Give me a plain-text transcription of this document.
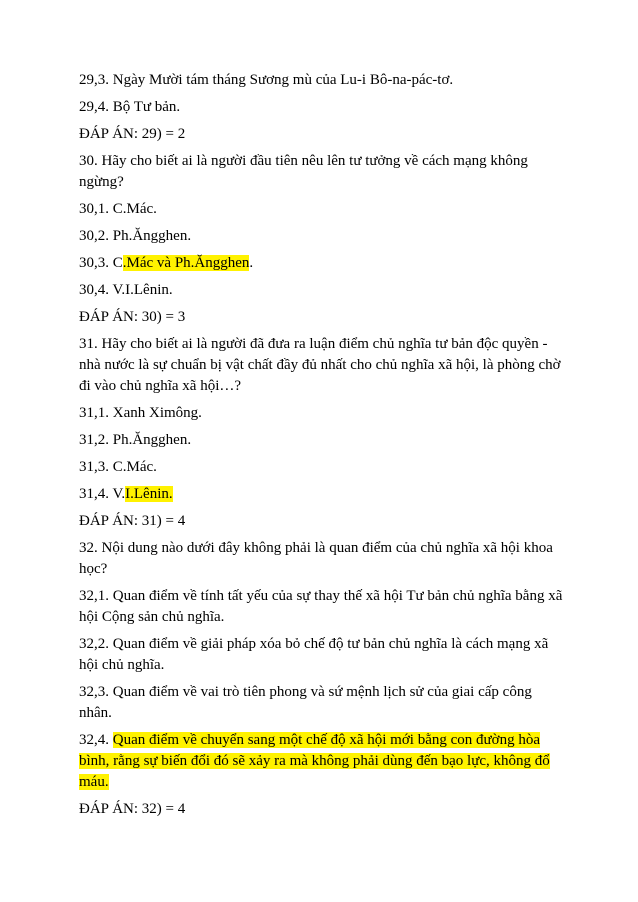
29,3. Ngày Mười tám tháng Sương mù của Lu-i Bô-na-pác-tơ.

29,4. Bộ Tư bản.

ĐÁP ÁN: 29) = 2

30. Hãy cho biết ai là người đầu tiên nêu lên tư tưởng về cách mạng không ngừng?

30,1. C.Mác.

30,2. Ph.Ăngghen.

30,3. C.Mác và Ph.Ăngghen.

30,4. V.I.Lênin.

ĐÁP ÁN: 30) = 3

31. Hãy cho biết ai là người đã đưa ra luận điểm chủ nghĩa tư bản độc quyền - nhà nước là sự chuẩn bị vật chất đầy đủ nhất cho chủ nghĩa xã hội, là phòng chờ đi vào chủ nghĩa xã hội…?

31,1. Xanh Ximông.

31,2. Ph.Ăngghen.

31,3. C.Mác.

31,4. V.I.Lênin.

ĐÁP ÁN: 31) = 4

32. Nội dung nào dưới đây không phải là quan điểm của chủ nghĩa xã hội khoa học?

32,1. Quan điểm về tính tất yếu của sự thay thế xã hội Tư bản chủ nghĩa bằng xã hội Cộng sản chủ nghĩa.

32,2. Quan điểm về giải pháp xóa bỏ chế độ tư bản chủ nghĩa là cách mạng xã hội chủ nghĩa.

32,3. Quan điểm về vai trò tiên phong và sứ mệnh lịch sử của giai cấp công nhân.

32,4. Quan điểm về chuyển sang một chế độ xã hội mới bằng con đường hòa bình, rằng sự biến đổi đó sẽ xảy ra mà không phải dùng đến bạo lực, không đổ máu.

ĐÁP ÁN: 32) = 4
